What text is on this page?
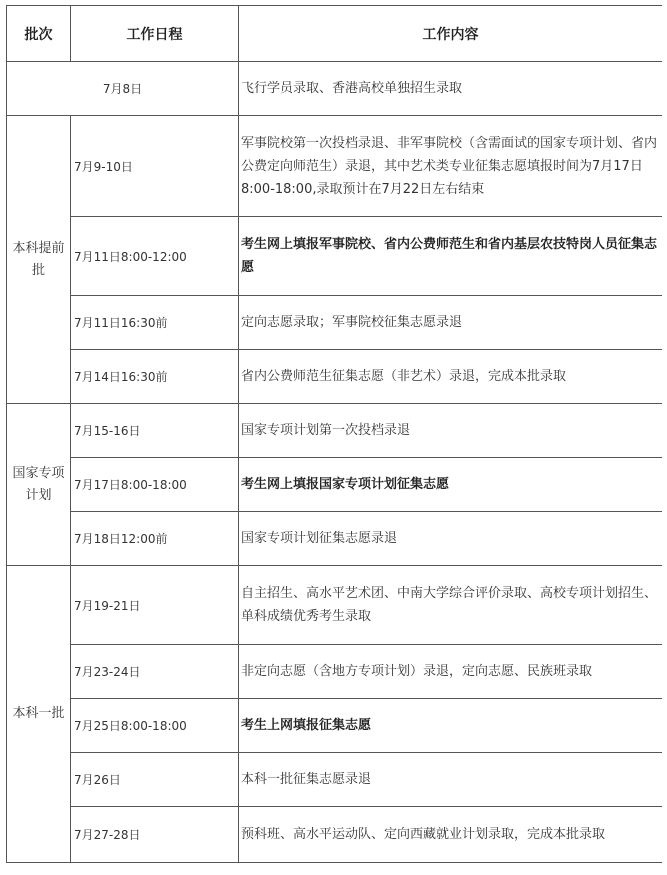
批次	工作日程	工作内容
7月8日		飞行学员录取、香港高校单独招生录取
本科提前批	7月9-10日	军事院校第一次投档录退、非军事院校（含需面试的国家专项计划、省内公费定向师范生）录退，其中艺术类专业征集志愿填报时间为7月17日8:00-18:00,录取预计在7月22日左右结束
	7月11日8:00-12:00	考生网上填报军事院校、省内公费师范生和省内基层农技特岗人员征集志愿
	7月11日16:30前	定向志愿录取；军事院校征集志愿录退
	7月14日16:30前	省内公费师范生征集志愿（非艺术）录退，完成本批录取
国家专项计划	7月15-16日	国家专项计划第一次投档录退
	7月17日8:00-18:00	考生网上填报国家专项计划征集志愿
	7月18日12:00前	国家专项计划征集志愿录退
本科一批	7月19-21日	自主招生、高水平艺术团、中南大学综合评价录取、高校专项计划招生、单科成绩优秀考生录取
	7月23-24日	非定向志愿（含地方专项计划）录退，定向志愿、民族班录取
	7月25日8:00-18:00	考生上网填报征集志愿
	7月26日	本科一批征集志愿录退
	7月27-28日	预科班、高水平运动队、定向西藏就业计划录取，完成本批录取
